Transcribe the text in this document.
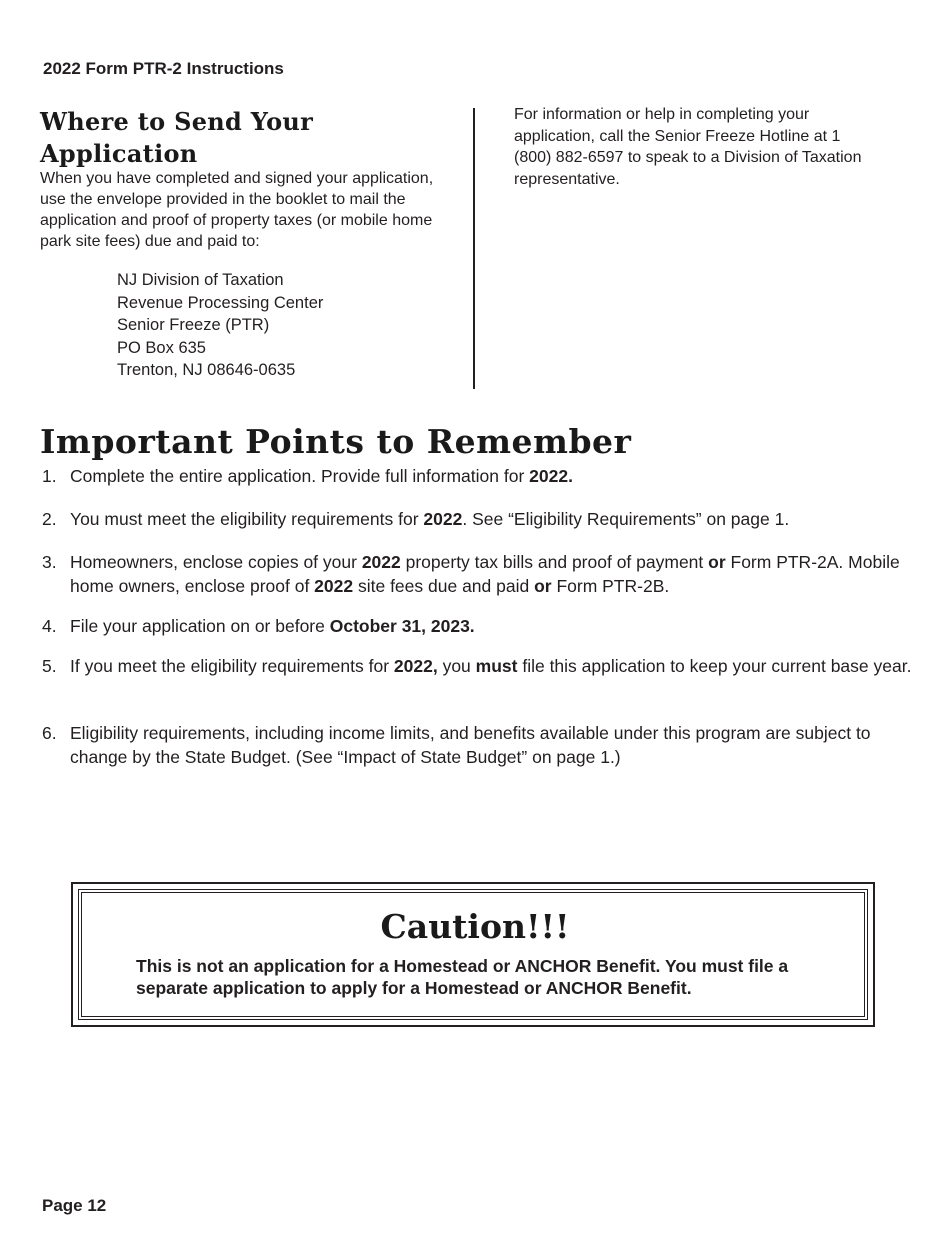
2022 Form PTR-2 Instructions
Where to Send Your Application
When you have completed and signed your application, use the envelope provided in the booklet to mail the application and proof of property taxes (or mobile home park site fees) due and paid to:
NJ Division of Taxation
Revenue Processing Center
Senior Freeze (PTR)
PO Box 635
Trenton, NJ 08646-0635
For information or help in completing your application, call the Senior Freeze Hotline at 1 (800) 882-6597 to speak to a Division of Taxation representative.
Important Points to Remember
1. Complete the entire application. Provide full information for 2022.
2. You must meet the eligibility requirements for 2022. See “Eligibility Requirements” on page 1.
3. Homeowners, enclose copies of your 2022 property tax bills and proof of payment or Form PTR-2A. Mobile home owners, enclose proof of 2022 site fees due and paid or Form PTR-2B.
4. File your application on or before October 31, 2023.
5. If you meet the eligibility requirements for 2022, you must file this application to keep your current base year.
6. Eligibility requirements, including income limits, and benefits available under this program are subject to change by the State Budget. (See “Impact of State Budget” on page 1.)
Caution!!!
This is not an application for a Homestead or ANCHOR Benefit. You must file a separate application to apply for a Homestead or ANCHOR Benefit.
Page 12
